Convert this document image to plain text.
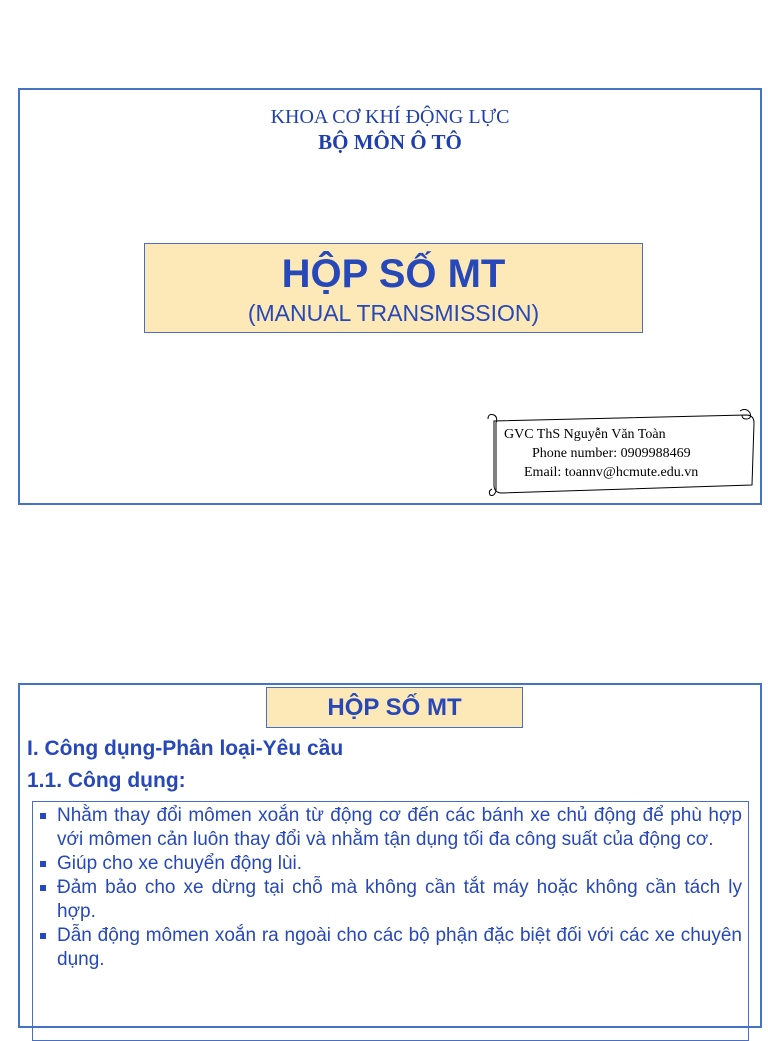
KHOA CƠ KHÍ ĐỘNG LỰC
BỘ MÔN Ô TÔ
HỘP SỐ MT
(MANUAL TRANSMISSION)
GVC ThS Nguyễn Văn Toàn
Phone number: 0909988469
Email: toannv@hcmute.edu.vn
HỘP SỐ MT
I. Công dụng-Phân loại-Yêu cầu
1.1. Công dụng:
Nhằm thay đổi mômen xoắn từ động cơ đến các bánh xe chủ động để phù hợp với mômen cản luôn thay đổi và nhằm tận dụng tối đa công suất của động cơ.
Giúp cho xe chuyển động lùi.
Đảm bảo cho xe dừng tại chỗ mà không cần tắt máy hoặc không cần tách ly hợp.
Dẫn động mômen xoắn ra ngoài cho các bộ phận đặc biệt đối với các xe chuyên dụng.
